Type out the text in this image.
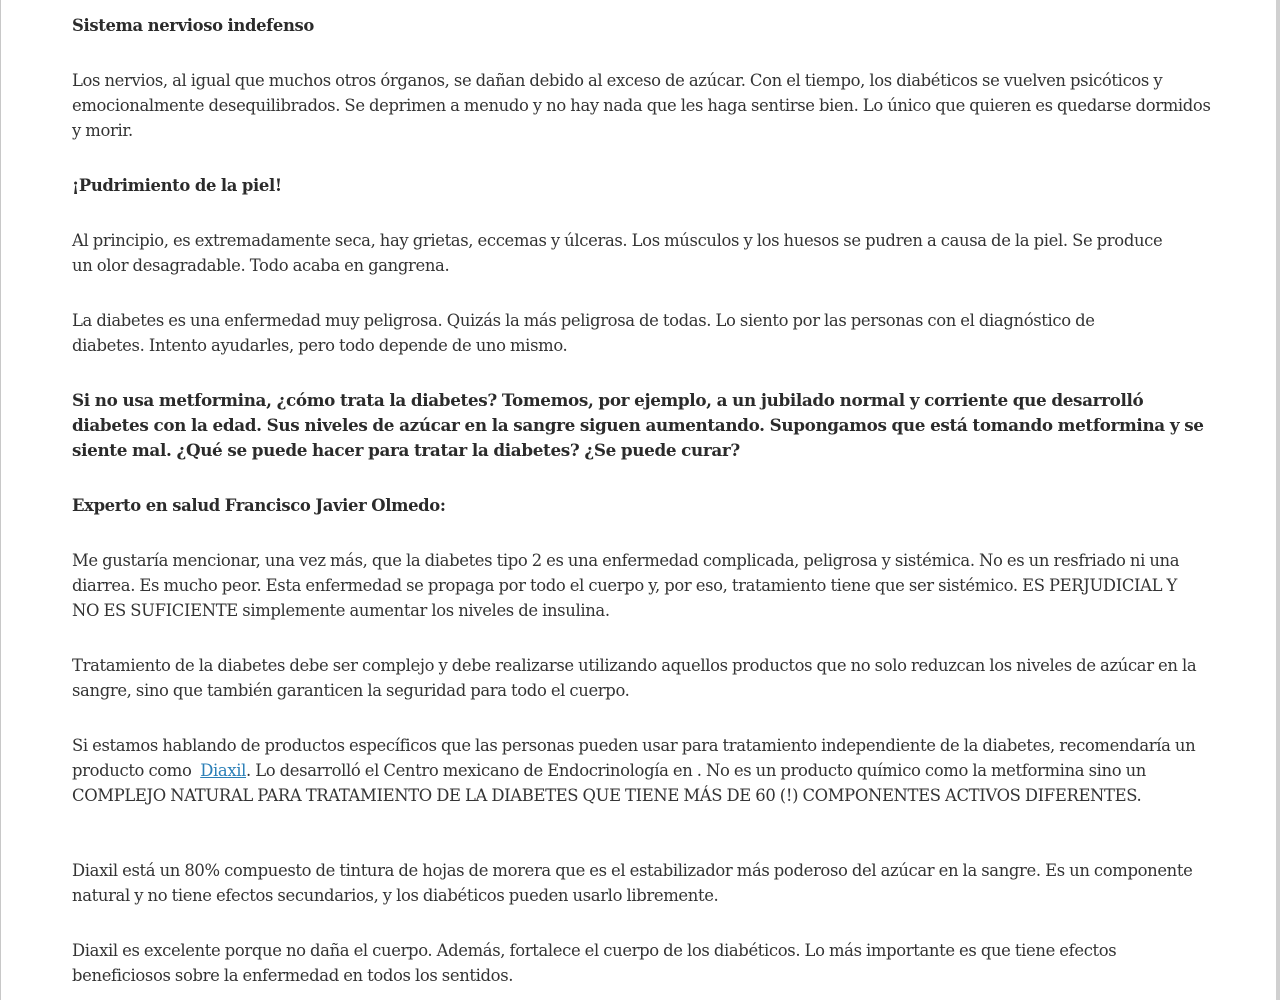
Sistema nervioso indefenso

Los nervios, al igual que muchos otros órganos, se dañan debido al exceso de azúcar. Con el tiempo, los diabéticos se vuelven psicóticos y emocionalmente desequilibrados. Se deprimen a menudo y no hay nada que les haga sentirse bien. Lo único que quieren es quedarse dormidos y morir.

¡Pudrimiento de la piel!

Al principio, es extremadamente seca, hay grietas, eccemas y úlceras. Los músculos y los huesos se pudren a causa de la piel. Se produce un olor desagradable. Todo acaba en gangrena.

La diabetes es una enfermedad muy peligrosa. Quizás la más peligrosa de todas. Lo siento por las personas con el diagnóstico de diabetes. Intento ayudarles, pero todo depende de uno mismo.

Si no usa metformina, ¿cómo trata la diabetes? Tomemos, por ejemplo, a un jubilado normal y corriente que desarrolló diabetes con la edad. Sus niveles de azúcar en la sangre siguen aumentando. Supongamos que está tomando metformina y se siente mal. ¿Qué se puede hacer para tratar la diabetes? ¿Se puede curar?

Experto en salud Francisco Javier Olmedo:

Me gustaría mencionar, una vez más, que la diabetes tipo 2 es una enfermedad complicada, peligrosa y sistémica. No es un resfriado ni una diarrea. Es mucho peor. Esta enfermedad se propaga por todo el cuerpo y, por eso, tratamiento tiene que ser sistémico. ES PERJUDICIAL Y NO ES SUFICIENTE simplemente aumentar los niveles de insulina.

Tratamiento de la diabetes debe ser complejo y debe realizarse utilizando aquellos productos que no solo reduzcan los niveles de azúcar en la sangre, sino que también garanticen la seguridad para todo el cuerpo.

Si estamos hablando de productos específicos que las personas pueden usar para tratamiento independiente de la diabetes, recomendaría un producto como  Diaxil. Lo desarrolló el Centro mexicano de Endocrinología en . No es un producto químico como la metformina sino un COMPLEJO NATURAL PARA TRATAMIENTO DE LA DIABETES QUE TIENE MÁS DE 60 (!) COMPONENTES ACTIVOS DIFERENTES.

Diaxil está un 80% compuesto de tintura de hojas de morera que es el estabilizador más poderoso del azúcar en la sangre. Es un componente natural y no tiene efectos secundarios, y los diabéticos pueden usarlo libremente.

Diaxil es excelente porque no daña el cuerpo. Además, fortalece el cuerpo de los diabéticos. Lo más importante es que tiene efectos beneficiosos sobre la enfermedad en todos los sentidos.
